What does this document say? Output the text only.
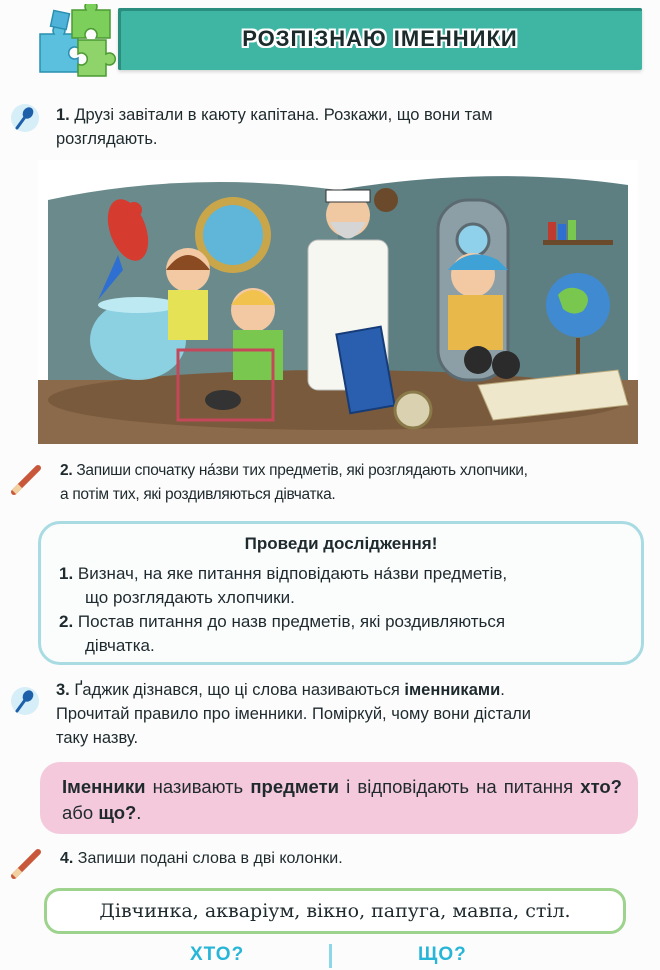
РОЗПІЗНАЮ ІМЕННИКИ
1. Друзі завітали в каюту капітана. Розкажи, що вони там
розглядають.
2. Запиши спочатку на́зви тих предметів, які розглядають хлопчики,
а потім тих, які роздивляються дівчатка.
Проведи дослідження!
1. Визнач, на яке питання відповідають на́зви предметів,
що розглядають хлопчики.
2. Постав питання до назв предметів, які роздивляються
дівчатка.
3. Ґаджик дізнався, що ці слова називаються іменниками.
Прочитай правило про іменники. Поміркуй, чому вони дістали
таку назву.
Іменники називають предмети і відповідають на питання хто? або що?.
4. Запиши подані слова в дві колонки.
Дівчинка, акваріум, вікно, папуга, мавпа, стіл.
ХТО?	ЩО?
